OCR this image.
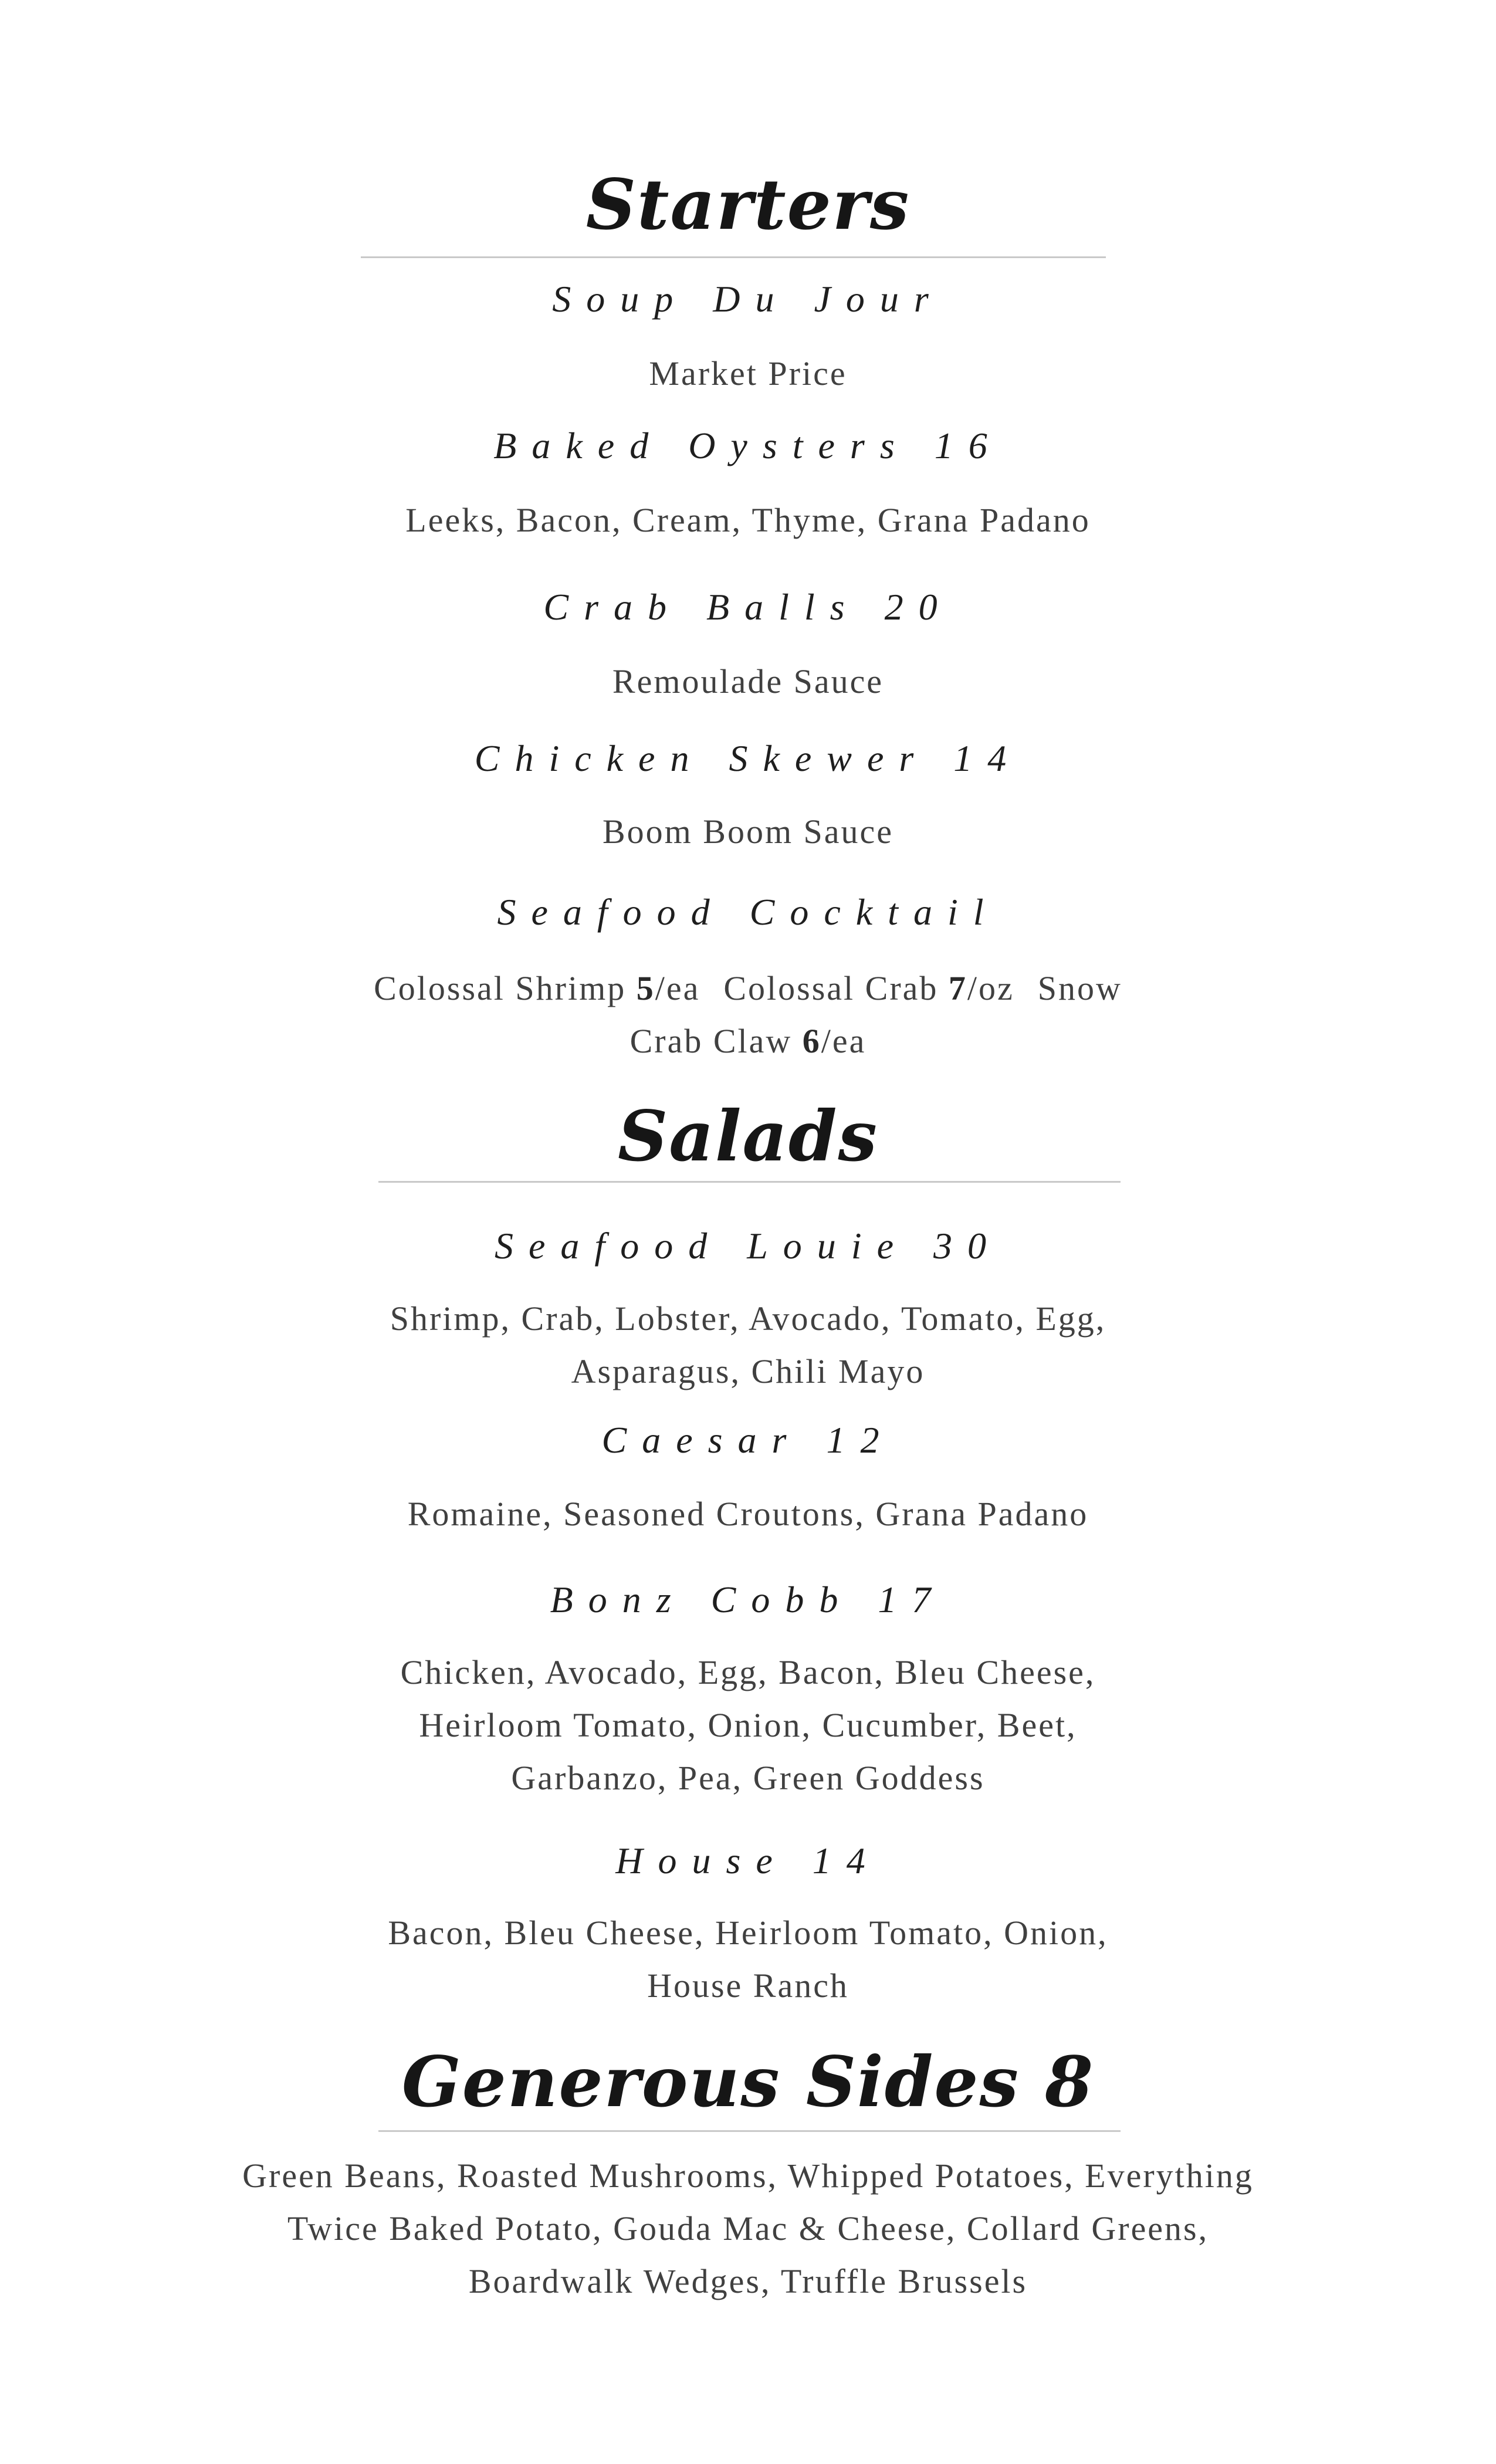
Starters
Soup Du Jour
Market Price
Baked Oysters 16
Leeks, Bacon, Cream, Thyme, Grana Padano
Crab Balls 20
Remoulade Sauce
Chicken Skewer 14
Boom Boom Sauce
Seafood Cocktail
Colossal Shrimp 5/ea Colossal Crab 7/oz Snow
Crab Claw 6/ea
Salads
Seafood Louie 30
Shrimp, Crab, Lobster, Avocado, Tomato, Egg,
Asparagus, Chili Mayo
Caesar 12
Romaine, Seasoned Croutons, Grana Padano
Bonz Cobb 17
Chicken, Avocado, Egg, Bacon, Bleu Cheese,
Heirloom Tomato, Onion, Cucumber, Beet,
Garbanzo, Pea, Green Goddess
House 14
Bacon, Bleu Cheese, Heirloom Tomato, Onion,
House Ranch
Generous Sides 8
Green Beans, Roasted Mushrooms, Whipped Potatoes, Everything
Twice Baked Potato, Gouda Mac & Cheese, Collard Greens,
Boardwalk Wedges, Truffle Brussels
